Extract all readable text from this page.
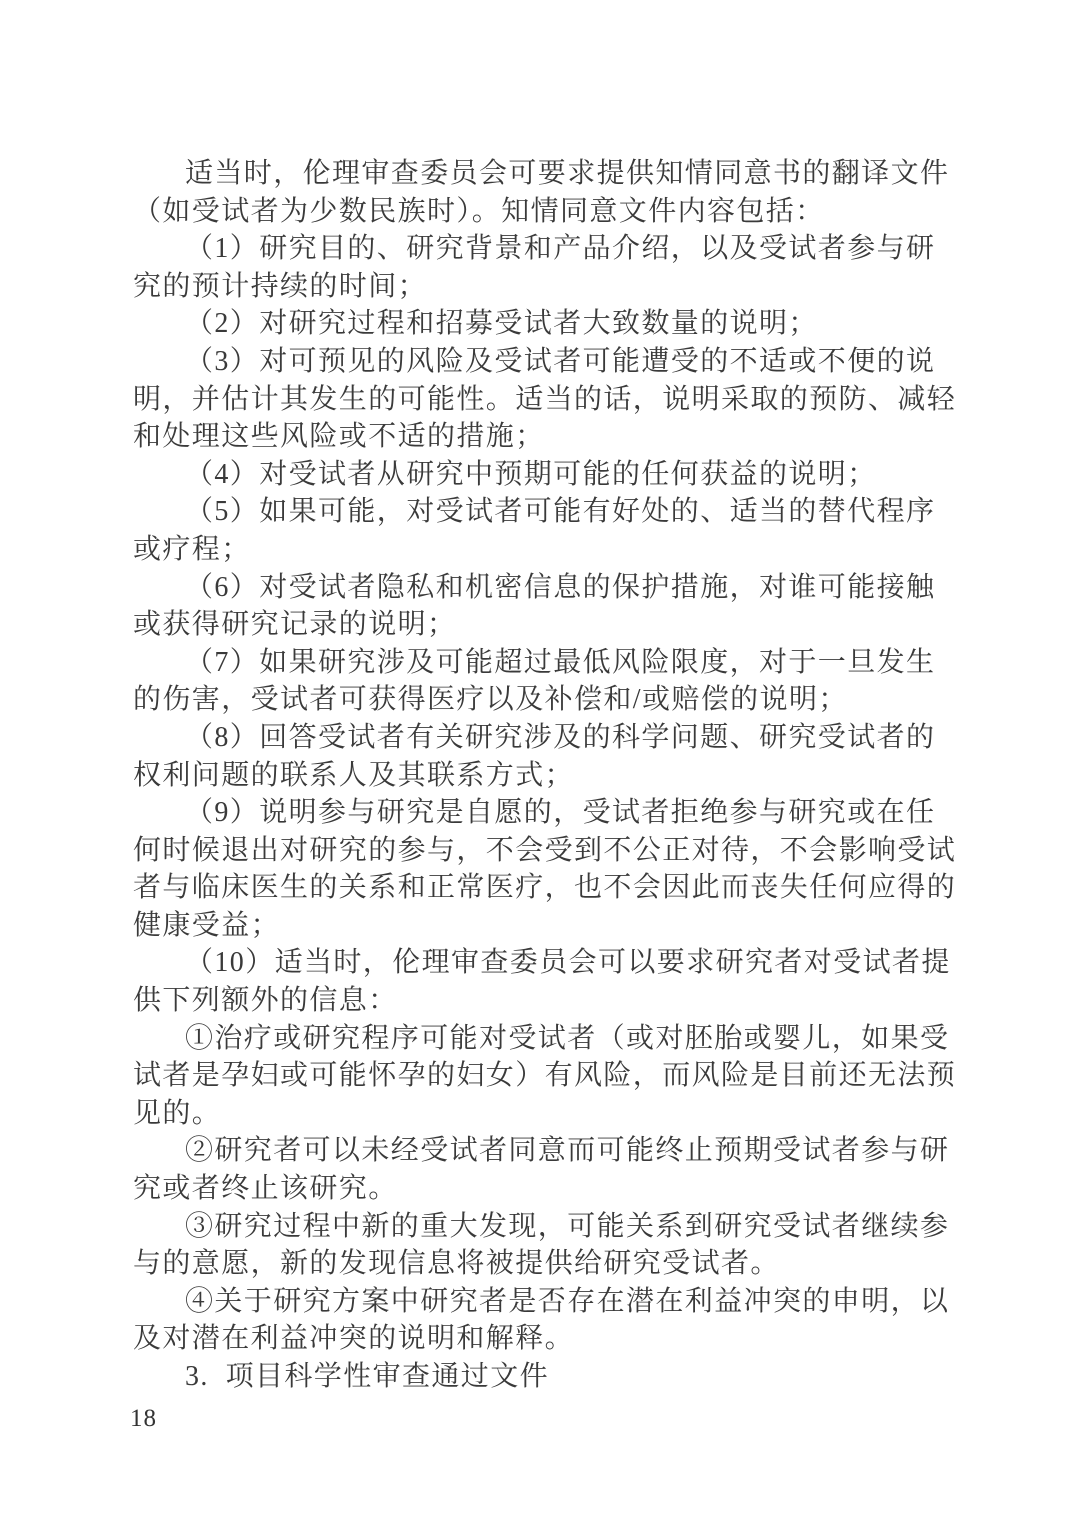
适当时，伦理审查委员会可要求提供知情同意书的翻译文件
（如受试者为少数民族时）。知情同意文件内容包括：
（1）研究目的、研究背景和产品介绍，以及受试者参与研
究的预计持续的时间；
（2）对研究过程和招募受试者大致数量的说明；
（3）对可预见的风险及受试者可能遭受的不适或不便的说
明，并估计其发生的可能性。适当的话，说明采取的预防、减轻
和处理这些风险或不适的措施；
（4）对受试者从研究中预期可能的任何获益的说明；
（5）如果可能，对受试者可能有好处的、适当的替代程序
或疗程；
（6）对受试者隐私和机密信息的保护措施，对谁可能接触
或获得研究记录的说明；
（7）如果研究涉及可能超过最低风险限度，对于一旦发生
的伤害，受试者可获得医疗以及补偿和/或赔偿的说明；
（8）回答受试者有关研究涉及的科学问题、研究受试者的
权利问题的联系人及其联系方式；
（9）说明参与研究是自愿的，受试者拒绝参与研究或在任
何时候退出对研究的参与，不会受到不公正对待，不会影响受试
者与临床医生的关系和正常医疗，也不会因此而丧失任何应得的
健康受益；
（10）适当时，伦理审查委员会可以要求研究者对受试者提
供下列额外的信息：
①治疗或研究程序可能对受试者（或对胚胎或婴儿，如果受
试者是孕妇或可能怀孕的妇女）有风险，而风险是目前还无法预
见的。
②研究者可以未经受试者同意而可能终止预期受试者参与研
究或者终止该研究。
③研究过程中新的重大发现，可能关系到研究受试者继续参
与的意愿，新的发现信息将被提供给研究受试者。
④关于研究方案中研究者是否存在潜在利益冲突的申明，以
及对潜在利益冲突的说明和解释。
3.  项目科学性审查通过文件
18
